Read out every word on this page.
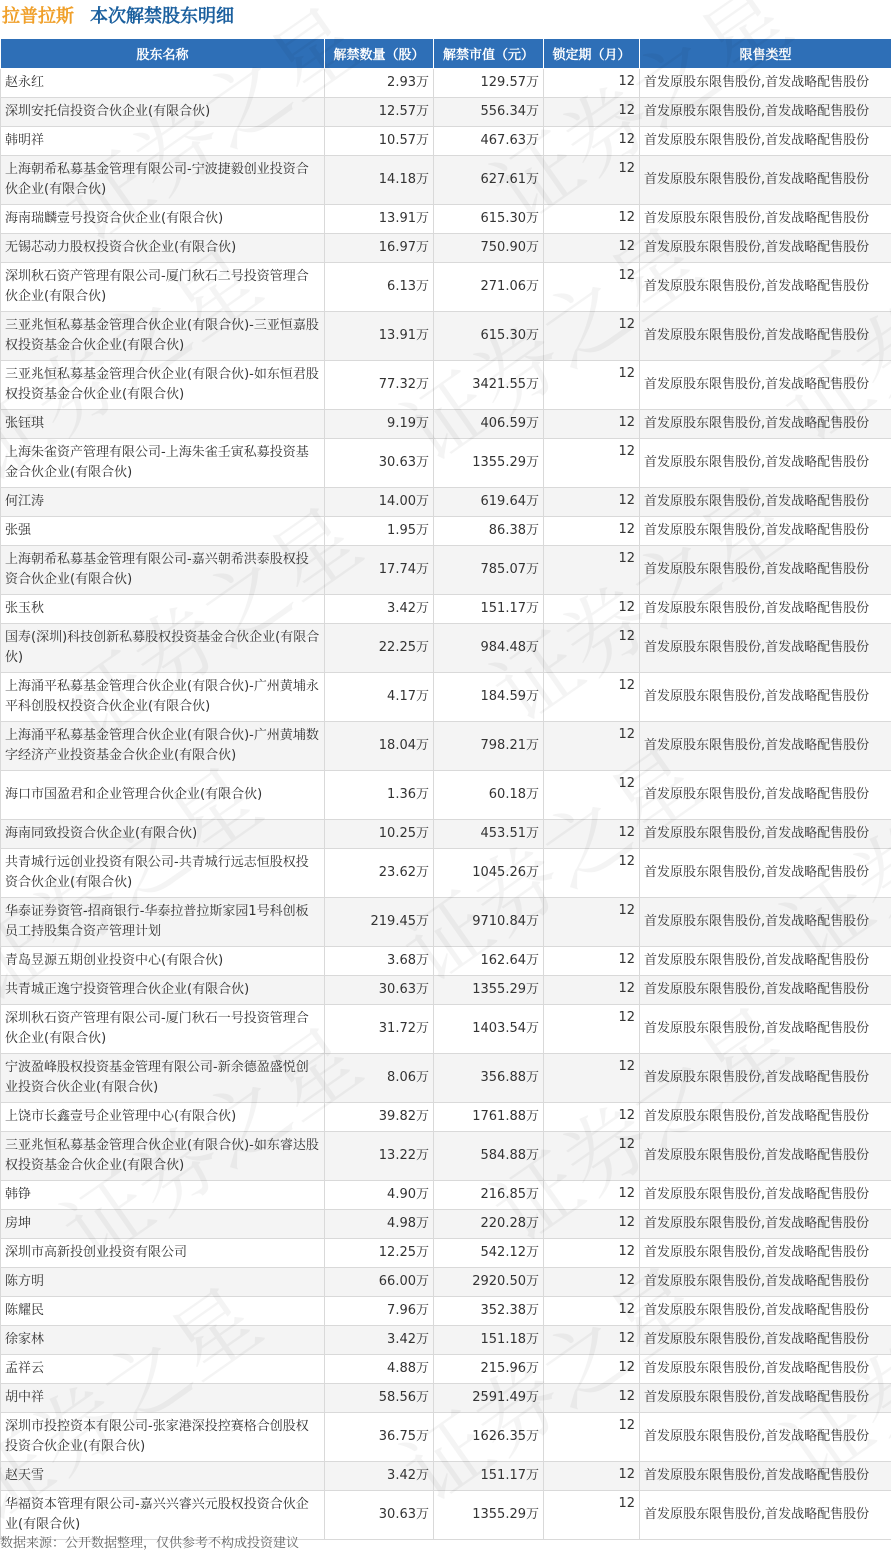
拉普拉斯 本次解禁股东明细
股东名称	解禁数量（股）	解禁市值（元）	锁定期（月）	限售类型
赵永红	2.93万	129.57万	12	首发原股东限售股份,首发战略配售股份
深圳安托信投资合伙企业(有限合伙)	12.57万	556.34万	12	首发原股东限售股份,首发战略配售股份
韩明祥	10.57万	467.63万	12	首发原股东限售股份,首发战略配售股份
上海朝希私募基金管理有限公司-宁波捷毅创业投资合伙企业(有限合伙)	14.18万	627.61万	12	首发原股东限售股份,首发战略配售股份
海南瑞麟壹号投资合伙企业(有限合伙)	13.91万	615.30万	12	首发原股东限售股份,首发战略配售股份
无锡芯动力股权投资合伙企业(有限合伙)	16.97万	750.90万	12	首发原股东限售股份,首发战略配售股份
深圳秋石资产管理有限公司-厦门秋石二号投资管理合伙企业(有限合伙)	6.13万	271.06万	12	首发原股东限售股份,首发战略配售股份
三亚兆恒私募基金管理合伙企业(有限合伙)-三亚恒嘉股权投资基金合伙企业(有限合伙)	13.91万	615.30万	12	首发原股东限售股份,首发战略配售股份
三亚兆恒私募基金管理合伙企业(有限合伙)-如东恒君股权投资基金合伙企业(有限合伙)	77.32万	3421.55万	12	首发原股东限售股份,首发战略配售股份
张钰琪	9.19万	406.59万	12	首发原股东限售股份,首发战略配售股份
上海朱雀资产管理有限公司-上海朱雀壬寅私募投资基金合伙企业(有限合伙)	30.63万	1355.29万	12	首发原股东限售股份,首发战略配售股份
何江涛	14.00万	619.64万	12	首发原股东限售股份,首发战略配售股份
张强	1.95万	86.38万	12	首发原股东限售股份,首发战略配售股份
上海朝希私募基金管理有限公司-嘉兴朝希洪泰股权投资合伙企业(有限合伙)	17.74万	785.07万	12	首发原股东限售股份,首发战略配售股份
张玉秋	3.42万	151.17万	12	首发原股东限售股份,首发战略配售股份
国寿(深圳)科技创新私募股权投资基金合伙企业(有限合伙)	22.25万	984.48万	12	首发原股东限售股份,首发战略配售股份
上海涌平私募基金管理合伙企业(有限合伙)-广州黄埔永平科创股权投资合伙企业(有限合伙)	4.17万	184.59万	12	首发原股东限售股份,首发战略配售股份
上海涌平私募基金管理合伙企业(有限合伙)-广州黄埔数字经济产业投资基金合伙企业(有限合伙)	18.04万	798.21万	12	首发原股东限售股份,首发战略配售股份
海口市国盈君和企业管理合伙企业(有限合伙)	1.36万	60.18万	12	首发原股东限售股份,首发战略配售股份
海南同致投资合伙企业(有限合伙)	10.25万	453.51万	12	首发原股东限售股份,首发战略配售股份
共青城行远创业投资有限公司-共青城行远志恒股权投资合伙企业(有限合伙)	23.62万	1045.26万	12	首发原股东限售股份,首发战略配售股份
华泰证券资管-招商银行-华泰拉普拉斯家园1号科创板员工持股集合资产管理计划	219.45万	9710.84万	12	首发原股东限售股份,首发战略配售股份
青岛昱源五期创业投资中心(有限合伙)	3.68万	162.64万	12	首发原股东限售股份,首发战略配售股份
共青城正逸宁投资管理合伙企业(有限合伙)	30.63万	1355.29万	12	首发原股东限售股份,首发战略配售股份
深圳秋石资产管理有限公司-厦门秋石一号投资管理合伙企业(有限合伙)	31.72万	1403.54万	12	首发原股东限售股份,首发战略配售股份
宁波盈峰股权投资基金管理有限公司-新余德盈盛悦创业投资合伙企业(有限合伙)	8.06万	356.88万	12	首发原股东限售股份,首发战略配售股份
上饶市长鑫壹号企业管理中心(有限合伙)	39.82万	1761.88万	12	首发原股东限售股份,首发战略配售股份
三亚兆恒私募基金管理合伙企业(有限合伙)-如东睿达股权投资基金合伙企业(有限合伙)	13.22万	584.88万	12	首发原股东限售股份,首发战略配售股份
韩铮	4.90万	216.85万	12	首发原股东限售股份,首发战略配售股份
房坤	4.98万	220.28万	12	首发原股东限售股份,首发战略配售股份
深圳市高新投创业投资有限公司	12.25万	542.12万	12	首发原股东限售股份,首发战略配售股份
陈方明	66.00万	2920.50万	12	首发原股东限售股份,首发战略配售股份
陈耀民	7.96万	352.38万	12	首发原股东限售股份,首发战略配售股份
徐家林	3.42万	151.18万	12	首发原股东限售股份,首发战略配售股份
孟祥云	4.88万	215.96万	12	首发原股东限售股份,首发战略配售股份
胡中祥	58.56万	2591.49万	12	首发原股东限售股份,首发战略配售股份
深圳市投控资本有限公司-张家港深投控赛格合创股权投资合伙企业(有限合伙)	36.75万	1626.35万	12	首发原股东限售股份,首发战略配售股份
赵天雪	3.42万	151.17万	12	首发原股东限售股份,首发战略配售股份
华福资本管理有限公司-嘉兴兴睿兴元股权投资合伙企业(有限合伙)	30.63万	1355.29万	12	首发原股东限售股份,首发战略配售股份
数据来源：公开数据整理，仅供参考不构成投资建议
